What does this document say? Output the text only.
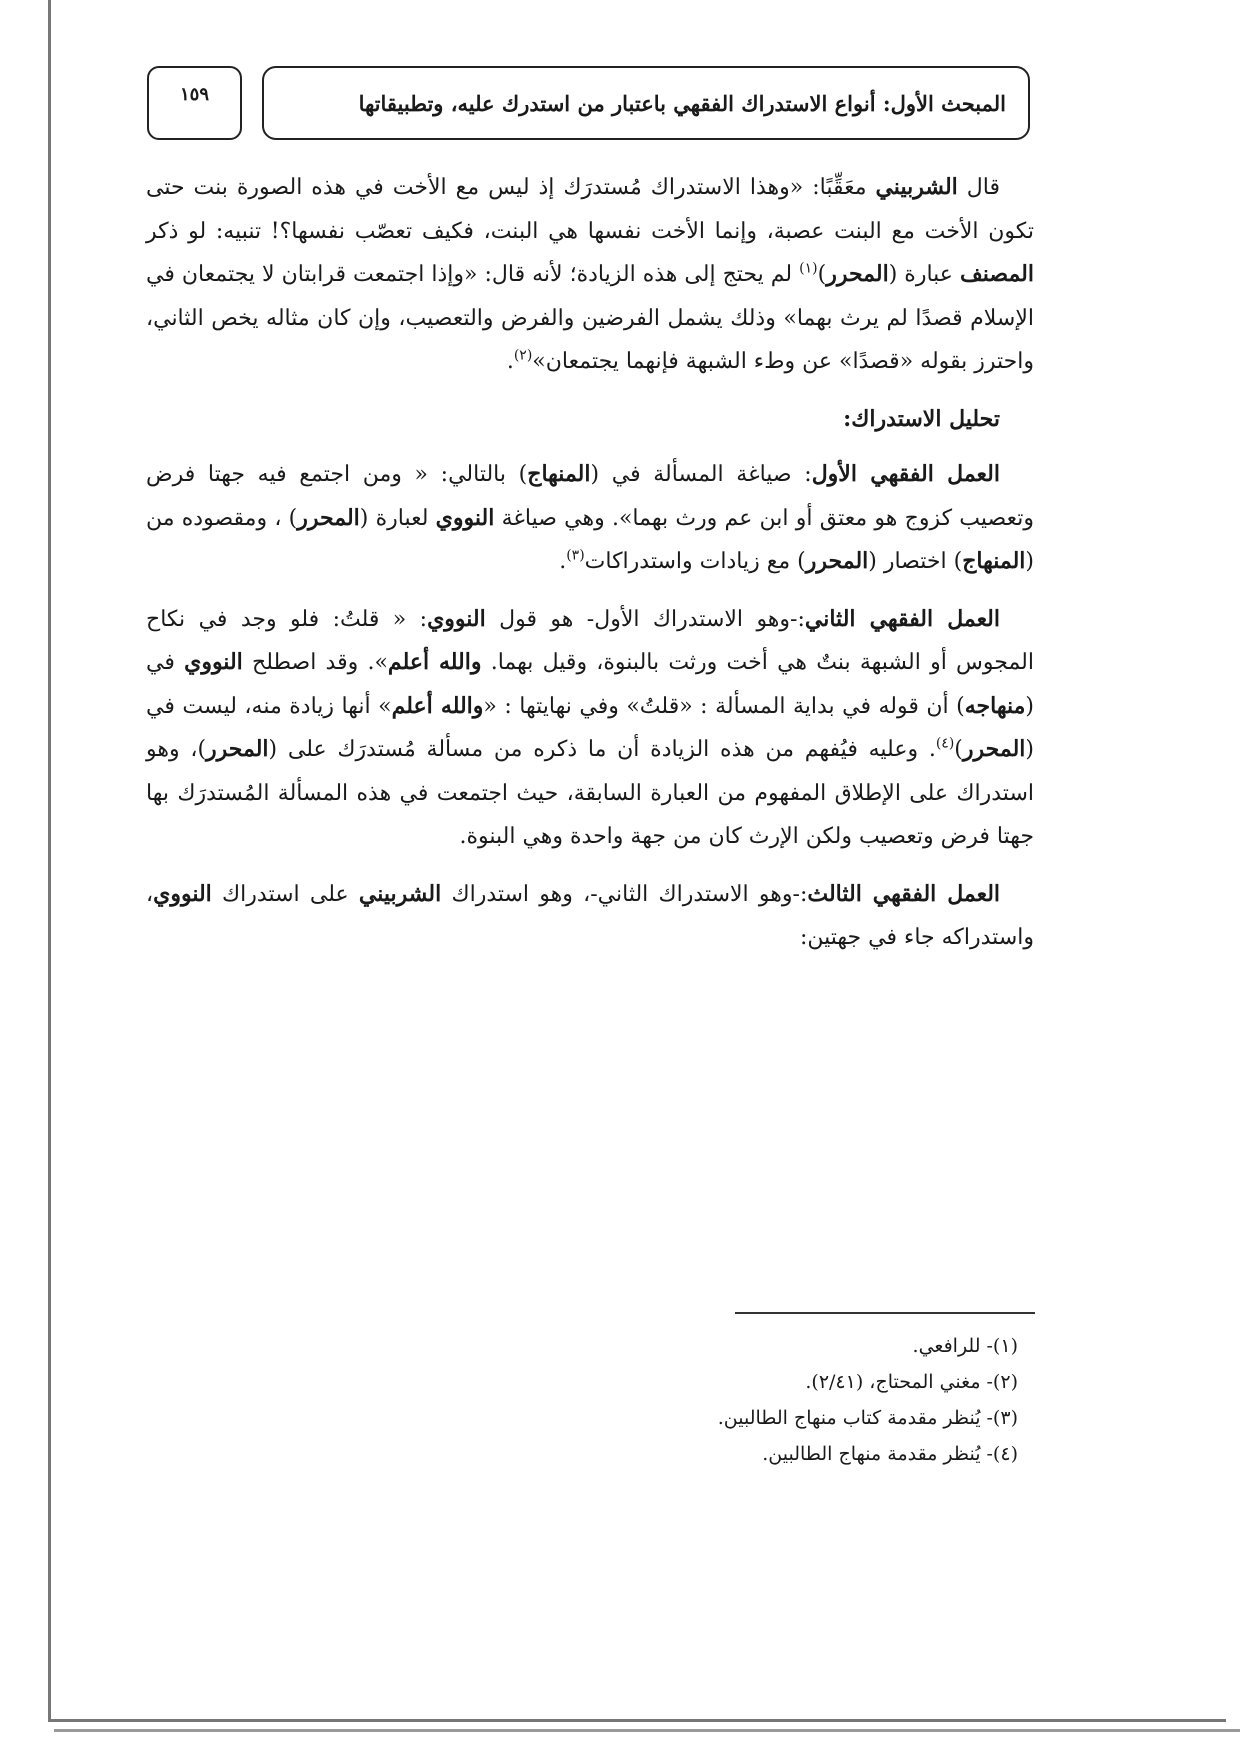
المبحث الأول: أنواع الاستدراك الفقهي باعتبار من استدرك عليه، وتطبيقاتها
١٥٩

قال الشربيني معَقِّبًا: «وهذا الاستدراك مُستدرَك إذ ليس مع الأخت في هذه الصورة بنت حتى تكون الأخت مع البنت عصبة، وإنما الأخت نفسها هي البنت، فكيف تعصّب نفسها؟! تنبيه: لو ذكر المصنف عبارة (المحرر)$^{(١)}$ لم يحتج إلى هذه الزيادة؛ لأنه قال: «وإذا اجتمعت قرابتان لا يجتمعان في الإسلام قصدًا لم يرث بهما» وذلك يشمل الفرضين والفرض والتعصيب، وإن كان مثاله يخص الثاني، واحترز بقوله «قصدًا» عن وطء الشبهة فإنهما يجتمعان»$^{(٢)}$.

تحليل الاستدراك:

العمل الفقهي الأول: صياغة المسألة في (المنهاج) بالتالي: « ومن اجتمع فيه جهتا فرض وتعصيب كزوج هو معتق أو ابن عم ورث بهما». وهي صياغة النووي لعبارة (المحرر) ، ومقصوده من (المنهاج) اختصار (المحرر) مع زيادات واستدراكات$^{(٣)}$.

العمل الفقهي الثاني:-وهو الاستدراك الأول- هو قول النووي: « قلتُ: فلو وجد في نكاح المجوس أو الشبهة بنتٌ هي أخت ورثت بالبنوة، وقيل بهما. والله أعلم». وقد اصطلح النووي في (منهاجه) أن قوله في بداية المسألة : «قلتُ» وفي نهايتها : «والله أعلم» أنها زيادة منه، ليست في (المحرر)$^{(٤)}$. وعليه فيُفهم من هذه الزيادة أن ما ذكره من مسألة مُستدرَك على (المحرر)، وهو استدراك على الإطلاق المفهوم من العبارة السابقة، حيث اجتمعت في هذه المسألة المُستدرَك بها جهتا فرض وتعصيب ولكن الإرث كان من جهة واحدة وهي البنوة.

العمل الفقهي الثالث:-وهو الاستدراك الثاني-، وهو استدراك الشربيني على استدراك النووي، واستدراكه جاء في جهتين:

(١)-للرافعي.
(٢)-مغني المحتاج، (٢/٤١).
(٣)-يُنظر مقدمة كتاب منهاج الطالبين.
(٤)-يُنظر مقدمة منهاج الطالبين.
